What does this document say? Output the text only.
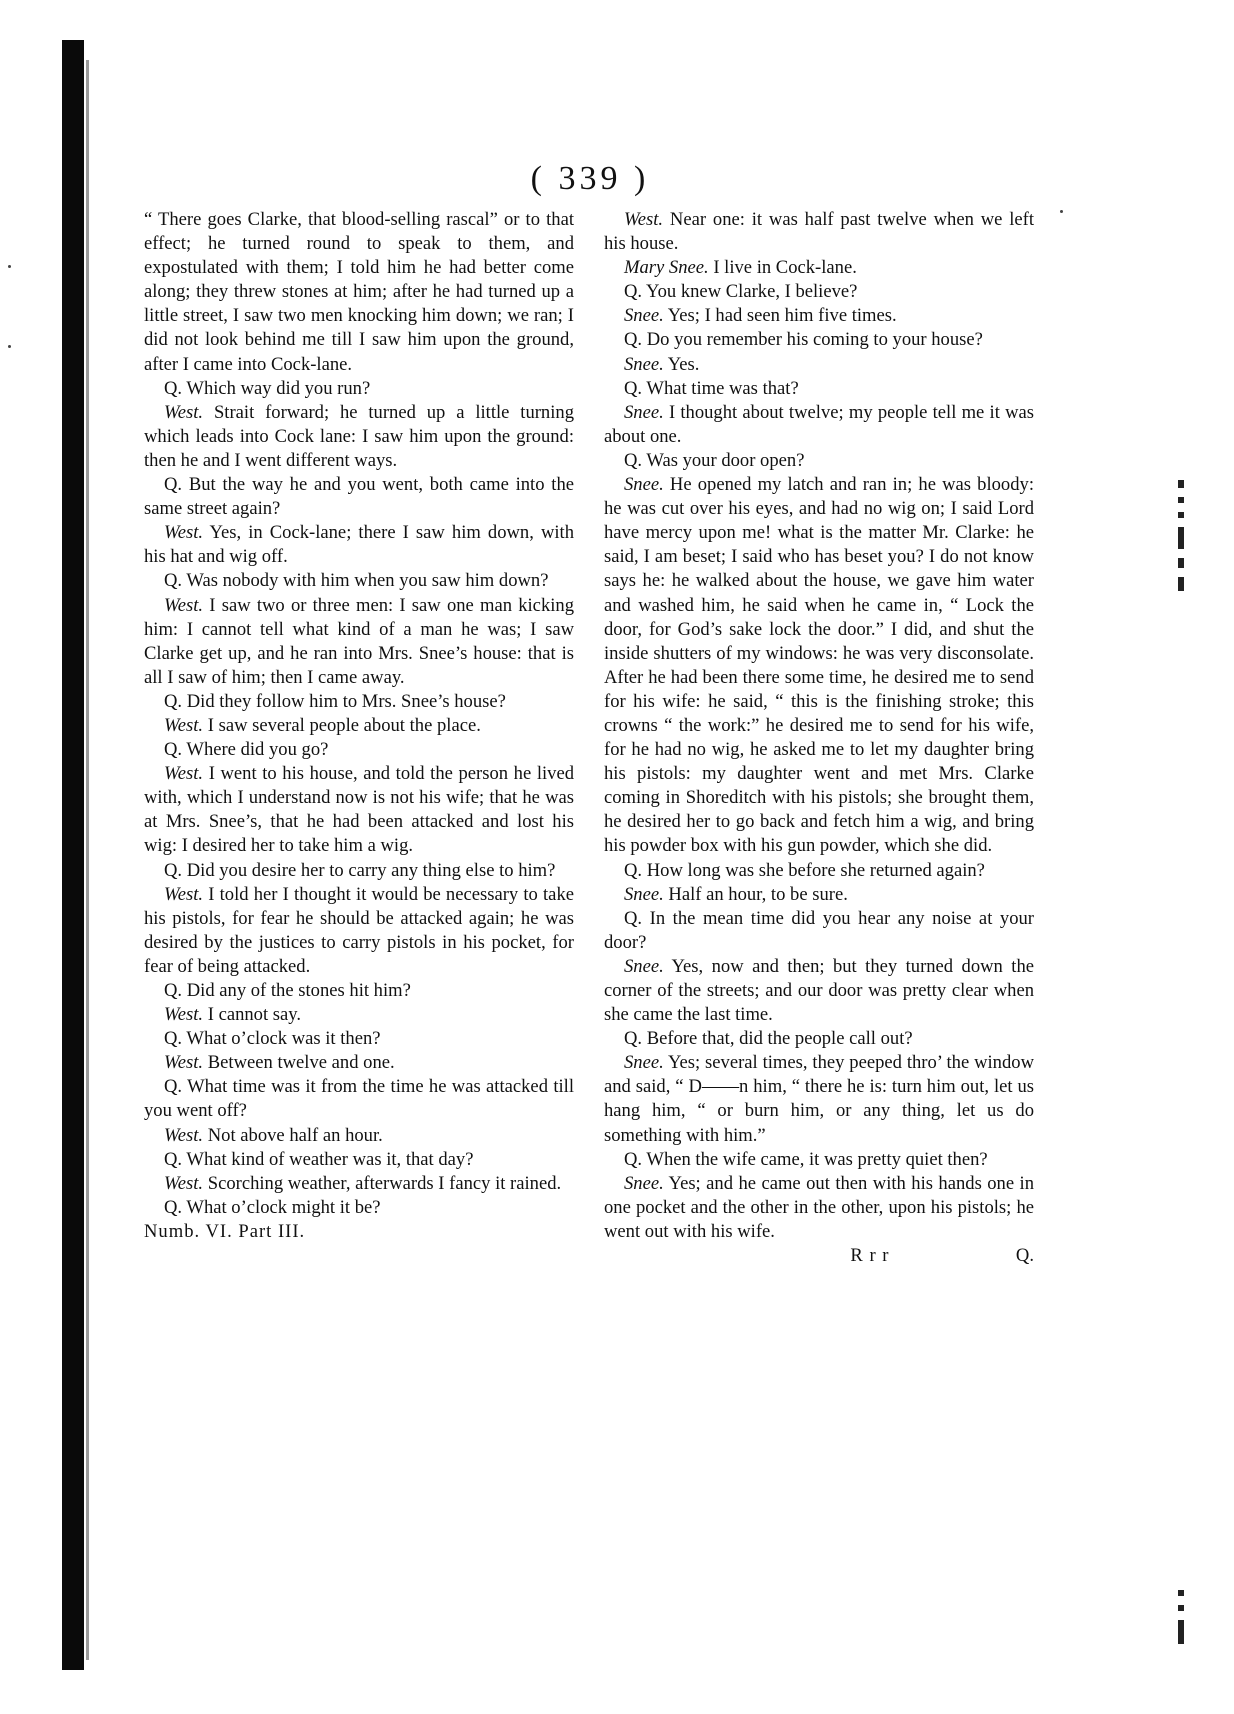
( 339 )

“ There goes Clarke, that blood-selling rascal” or to that effect; he turned round to speak to them, and expostulated with them; I told him he had better come along; they threw stones at him; after he had turned up a little street, I saw two men knocking him down; we ran; I did not look behind me till I saw him upon the ground, after I came into Cock-lane.

Q. Which way did you run?

West. Strait forward; he turned up a little turning which leads into Cock lane: I saw him upon the ground: then he and I went different ways.

Q. But the way he and you went, both came into the same street again?

West. Yes, in Cock-lane; there I saw him down, with his hat and wig off.

Q. Was nobody with him when you saw him down?

West. I saw two or three men: I saw one man kicking him: I cannot tell what kind of a man he was; I saw Clarke get up, and he ran into Mrs. Snee’s house: that is all I saw of him; then I came away.

Q. Did they follow him to Mrs. Snee’s house?

West. I saw several people about the place.

Q. Where did you go?

West. I went to his house, and told the person he lived with, which I understand now is not his wife; that he was at Mrs. Snee’s, that he had been attacked and lost his wig: I desired her to take him a wig.

Q. Did you desire her to carry any thing else to him?

West. I told her I thought it would be necessary to take his pistols, for fear he should be attacked again; he was desired by the justices to carry pistols in his pocket, for fear of being attacked.

Q. Did any of the stones hit him?

West. I cannot say.

Q. What o’clock was it then?

West. Between twelve and one.

Q. What time was it from the time he was attacked till you went off?

West. Not above half an hour.

Q. What kind of weather was it, that day?

West. Scorching weather, afterwards I fancy it rained.

Q. What o’clock might it be?

Numb. VI. Part III.

West. Near one: it was half past twelve when we left his house.

Mary Snee. I live in Cock-lane.

Q. You knew Clarke, I believe?

Snee. Yes; I had seen him five times.

Q. Do you remember his coming to your house?

Snee. Yes.

Q. What time was that?

Snee. I thought about twelve; my people tell me it was about one.

Q. Was your door open?

Snee. He opened my latch and ran in; he was bloody: he was cut over his eyes, and had no wig on; I said Lord have mercy upon me! what is the matter Mr. Clarke: he said, I am beset; I said who has beset you? I do not know says he: he walked about the house, we gave him water and washed him, he said when he came in, “ Lock the door, for God’s sake lock the door.” I did, and shut the inside shutters of my windows: he was very disconsolate. After he had been there some time, he desired me to send for his wife: he said, “ this is the finishing stroke; this crowns “ the work:” he desired me to send for his wife, for he had no wig, he asked me to let my daughter bring his pistols: my daughter went and met Mrs. Clarke coming in Shoreditch with his pistols; she brought them, he desired her to go back and fetch him a wig, and bring his powder box with his gun powder, which she did.

Q. How long was she before she returned again?

Snee. Half an hour, to be sure.

Q. In the mean time did you hear any noise at your door?

Snee. Yes, now and then; but they turned down the corner of the streets; and our door was pretty clear when she came the last time.

Q. Before that, did the people call out?

Snee. Yes; several times, they peeped thro’ the window and said, “ D——n him, “ there he is: turn him out, let us hang him, “ or burn him, or any thing, let us do something with him.”

Q. When the wife came, it was pretty quiet then?

Snee. Yes; and he came out then with his hands one in one pocket and the other in the other, upon his pistols; he went out with his wife.

R r r	Q.
